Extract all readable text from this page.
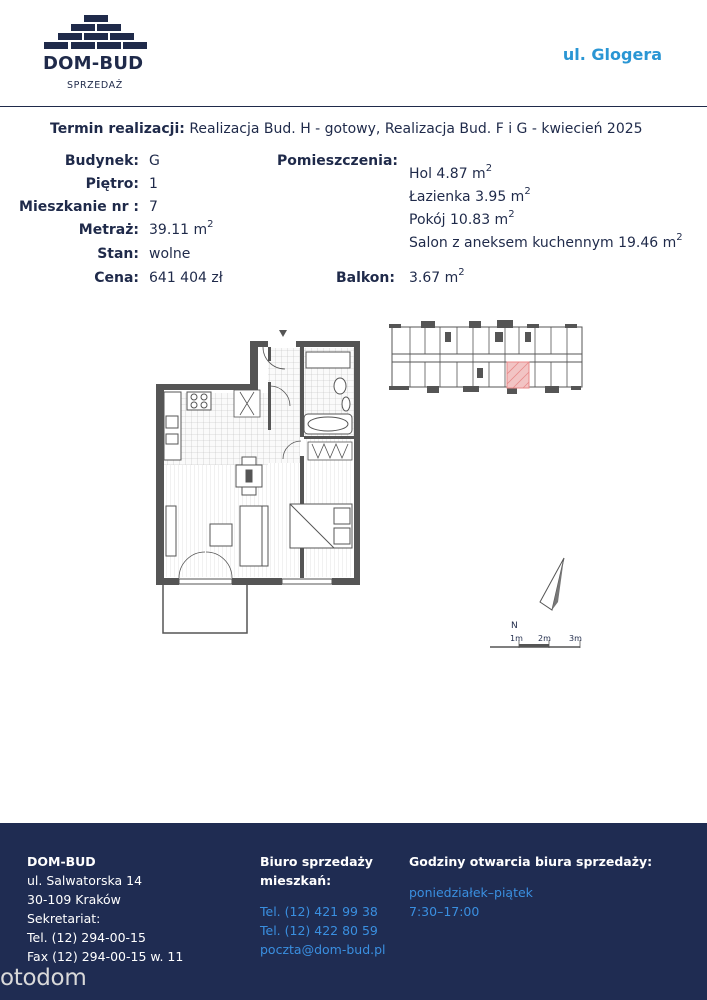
DOM-BUD
SPRZEDAŻ
ul. Glogera
Termin realizacji: Realizacja Bud. H - gotowy, Realizacja Bud. F i G - kwiecień 2025
Budynek: G
Piętro: 1
Mieszkanie nr : 7
Metraż: 39.11 $m^2$
Stan: wolne
Cena: 641 404 zł
Pomieszczenia:
Hol 4.87 $m^2$
Łazienka 3.95 $m^2$
Pokój 10.83 $m^2$
Salon z aneksem kuchennym 19.46 $m^2$
Balkon: 3.67 $m^2$
N
1m 2m 3m
DOM-BUD
ul. Salwatorska 14
30-109 Kraków
Sekretariat:
Tel. (12) 294-00-15
Fax (12) 294-00-15 w. 11
Biuro sprzedaży
mieszkań:
Tel. (12) 421 99 38
Tel. (12) 422 80 59
poczta@dom-bud.pl
Godziny otwarcia biura sprzedaży:
poniedziałek–piątek
7:30–17:00
otodom
